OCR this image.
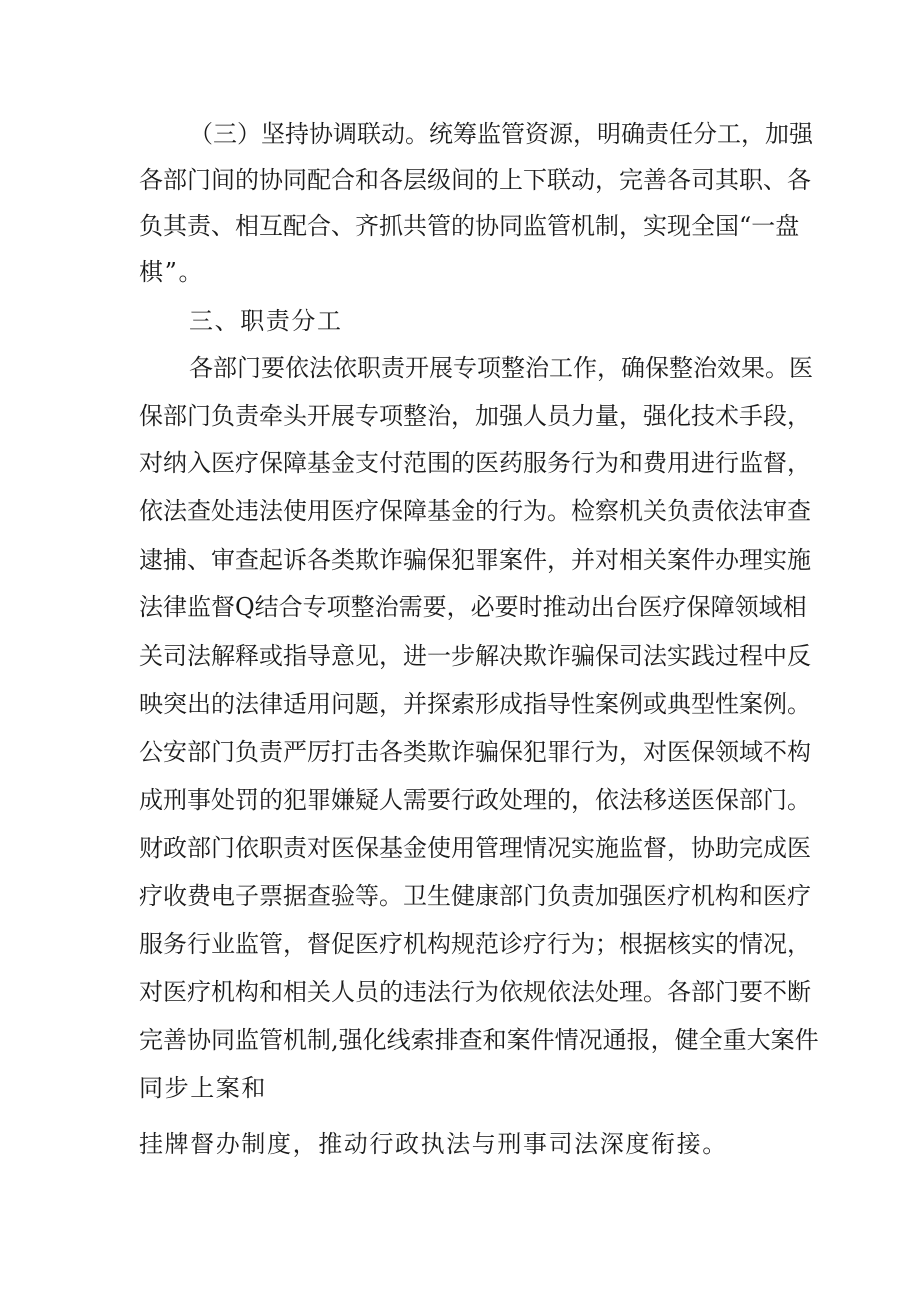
（三）坚持协调联动。统筹监管资源，明确责任分工，加强
各部门间的协同配合和各层级间的上下联动，完善各司其职、各
负其责、相互配合、齐抓共管的协同监管机制，实现全国“一盘
棋”。
三、职责分工
各部门要依法依职责开展专项整治工作，确保整治效果。医
保部门负责牵头开展专项整治，加强人员力量，强化技术手段，
对纳入医疗保障基金支付范围的医药服务行为和费用进行监督，
依法查处违法使用医疗保障基金的行为。检察机关负责依法审查
逮捕、审查起诉各类欺诈骗保犯罪案件，并对相关案件办理实施
法律监督Q结合专项整治需要，必要时推动出台医疗保障领域相
关司法解释或指导意见，进一步解决欺诈骗保司法实践过程中反
映突出的法律适用问题，并探索形成指导性案例或典型性案例。
公安部门负责严厉打击各类欺诈骗保犯罪行为，对医保领域不构
成刑事处罚的犯罪嫌疑人需要行政处理的，依法移送医保部门。
财政部门依职责对医保基金使用管理情况实施监督，协助完成医
疗收费电子票据查验等。卫生健康部门负责加强医疗机构和医疗
服务行业监管，督促医疗机构规范诊疗行为；根据核实的情况，
对医疗机构和相关人员的违法行为依规依法处理。各部门要不断
完善协同监管机制,强化线索排查和案件情况通报，健全重大案件
同步上案和
挂牌督办制度，推动行政执法与刑事司法深度衔接。
